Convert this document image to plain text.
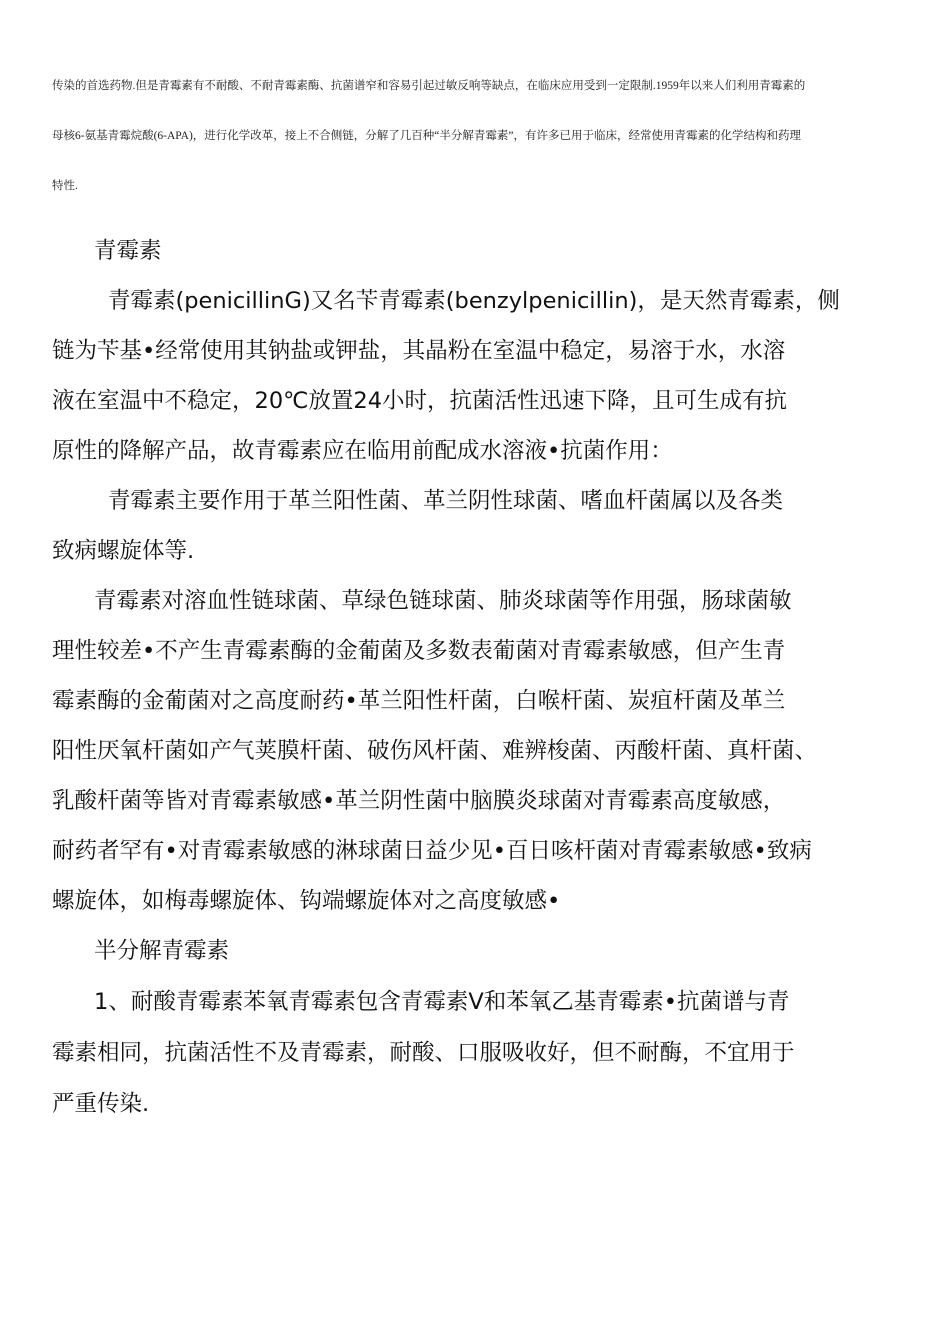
传染的首选药物.但是青霉素有不耐酸、不耐青霉素酶、抗菌谱窄和容易引起过敏反响等缺点，在临床应用受到一定限制.1959年以来人们利用青霉素的
母核6-氨基青霉烷酸(6-APA)，进行化学改革，接上不合侧链，分解了几百种“半分解青霉素”，有许多已用于临床，经常使用青霉素的化学结构和药理
特性.
青霉素
青霉素(penicillinG)又名苄青霉素(benzylpenicillin)，是天然青霉素，侧
链为苄基•经常使用其钠盐或钾盐，其晶粉在室温中稳定，易溶于水，水溶
液在室温中不稳定，20℃放置24小时，抗菌活性迅速下降，且可生成有抗
原性的降解产品，故青霉素应在临用前配成水溶液•抗菌作用：
青霉素主要作用于革兰阳性菌、革兰阴性球菌、嗜血杆菌属以及各类
致病螺旋体等.
青霉素对溶血性链球菌、草绿色链球菌、肺炎球菌等作用强，肠球菌敏
理性较差•不产生青霉素酶的金葡菌及多数表葡菌对青霉素敏感，但产生青
霉素酶的金葡菌对之高度耐药•革兰阳性杆菌，白喉杆菌、炭疽杆菌及革兰
阳性厌氧杆菌如产气荚膜杆菌、破伤风杆菌、难辨梭菌、丙酸杆菌、真杆菌、
乳酸杆菌等皆对青霉素敏感•革兰阴性菌中脑膜炎球菌对青霉素高度敏感，
耐药者罕有•对青霉素敏感的淋球菌日益少见•百日咳杆菌对青霉素敏感•致病
螺旋体，如梅毒螺旋体、钩端螺旋体对之高度敏感•
半分解青霉素
1、耐酸青霉素苯氧青霉素包含青霉素V和苯氧乙基青霉素•抗菌谱与青
霉素相同，抗菌活性不及青霉素，耐酸、口服吸收好，但不耐酶，不宜用于
严重传染.
